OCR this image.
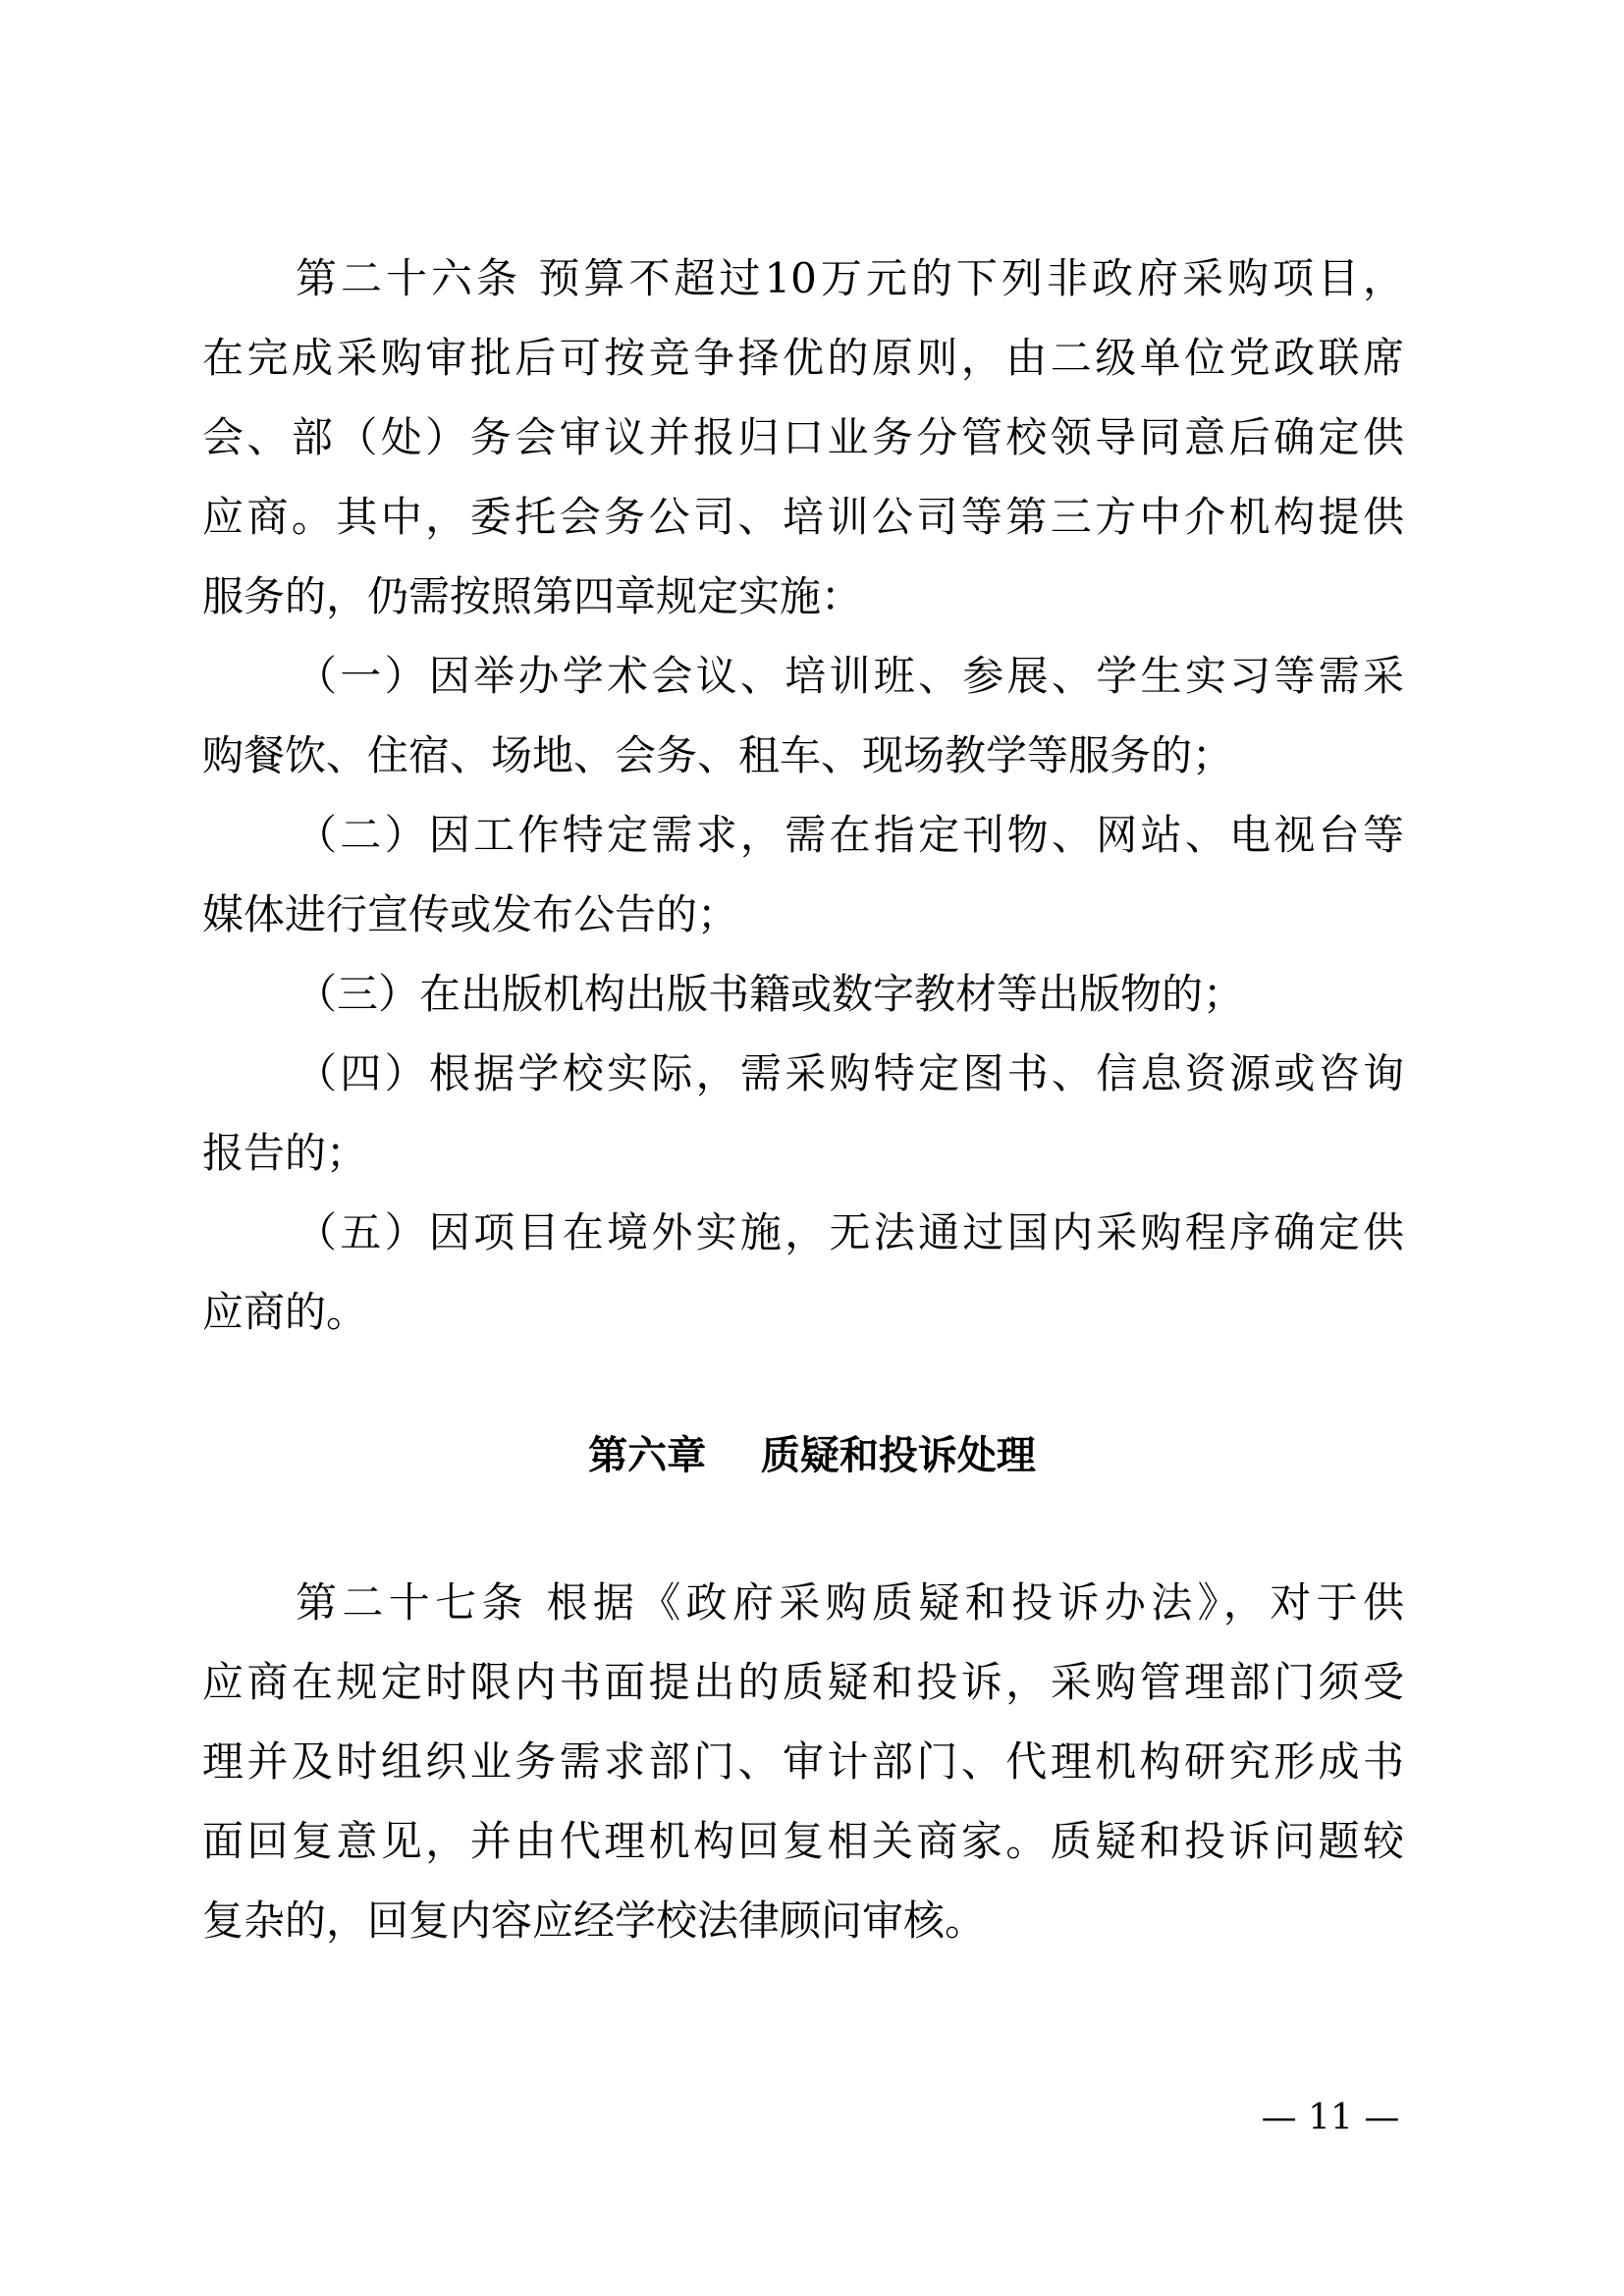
第二十六条 预算不超过10万元的下列非政府采购项目，
在完成采购审批后可按竞争择优的原则，由二级单位党政联席
会、部（处）务会审议并报归口业务分管校领导同意后确定供
应商。其中，委托会务公司、培训公司等第三方中介机构提供
服务的，仍需按照第四章规定实施：
（一）因举办学术会议、培训班、参展、学生实习等需采
购餐饮、住宿、场地、会务、租车、现场教学等服务的；
（二）因工作特定需求，需在指定刊物、网站、电视台等
媒体进行宣传或发布公告的；
（三）在出版机构出版书籍或数字教材等出版物的；
（四）根据学校实际，需采购特定图书、信息资源或咨询
报告的；
（五）因项目在境外实施，无法通过国内采购程序确定供
应商的。
第六章    质疑和投诉处理
第二十七条 根据《政府采购质疑和投诉办法》，对于供
应商在规定时限内书面提出的质疑和投诉，采购管理部门须受
理并及时组织业务需求部门、审计部门、代理机构研究形成书
面回复意见，并由代理机构回复相关商家。质疑和投诉问题较
复杂的，回复内容应经学校法律顾问审核。
— 11 —
